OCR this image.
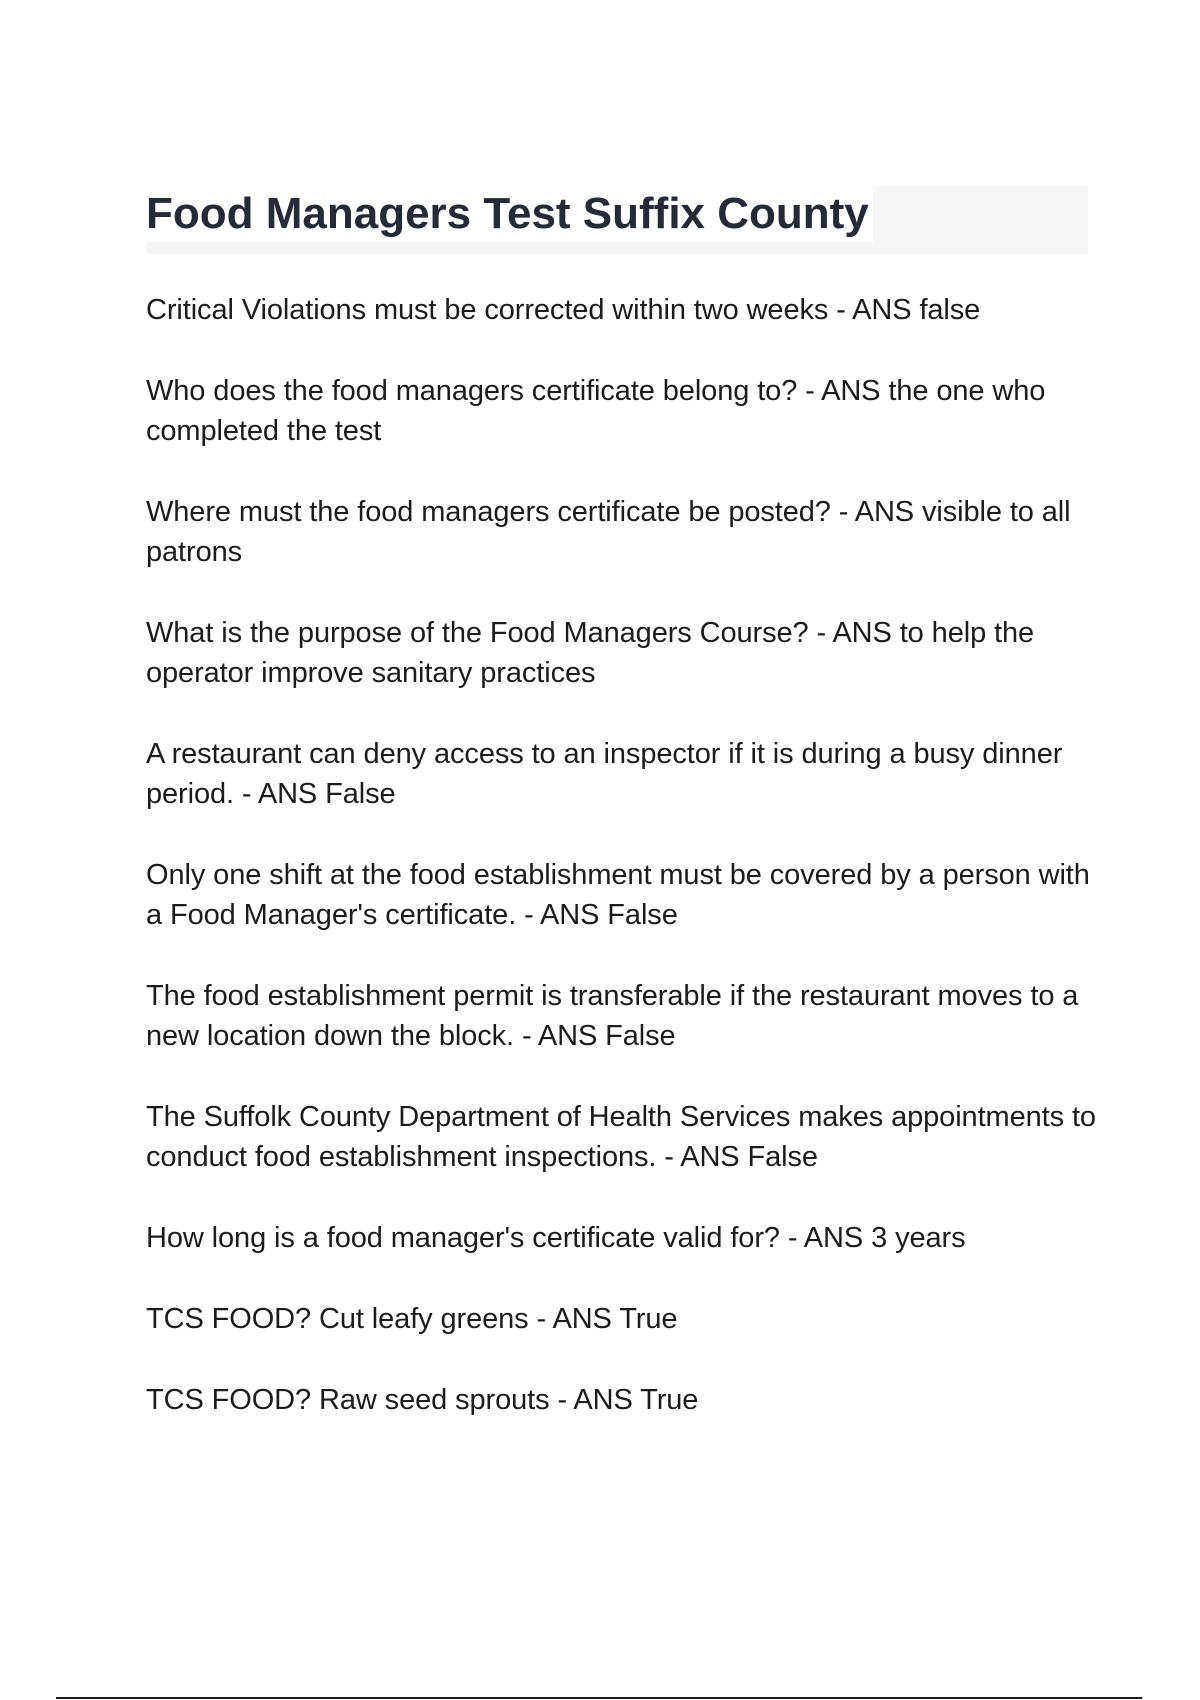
Food Managers Test Suffix County
Critical Violations must be corrected within two weeks - ANS false
Who does the food managers certificate belong to? - ANS the one who completed the test
Where must the food managers certificate be posted? - ANS visible to all patrons
What is the purpose of the Food Managers Course? - ANS to help the operator improve sanitary practices
A restaurant can deny access to an inspector if it is during a busy dinner period. - ANS False
Only one shift at the food establishment must be covered by a person with a Food Manager's certificate. - ANS False
The food establishment permit is transferable if the restaurant moves to a new location down the block. - ANS False
The Suffolk County Department of Health Services makes appointments to conduct food establishment inspections. - ANS False
How long is a food manager's certificate valid for? - ANS 3 years
TCS FOOD? Cut leafy greens - ANS True
TCS FOOD? Raw seed sprouts - ANS True
